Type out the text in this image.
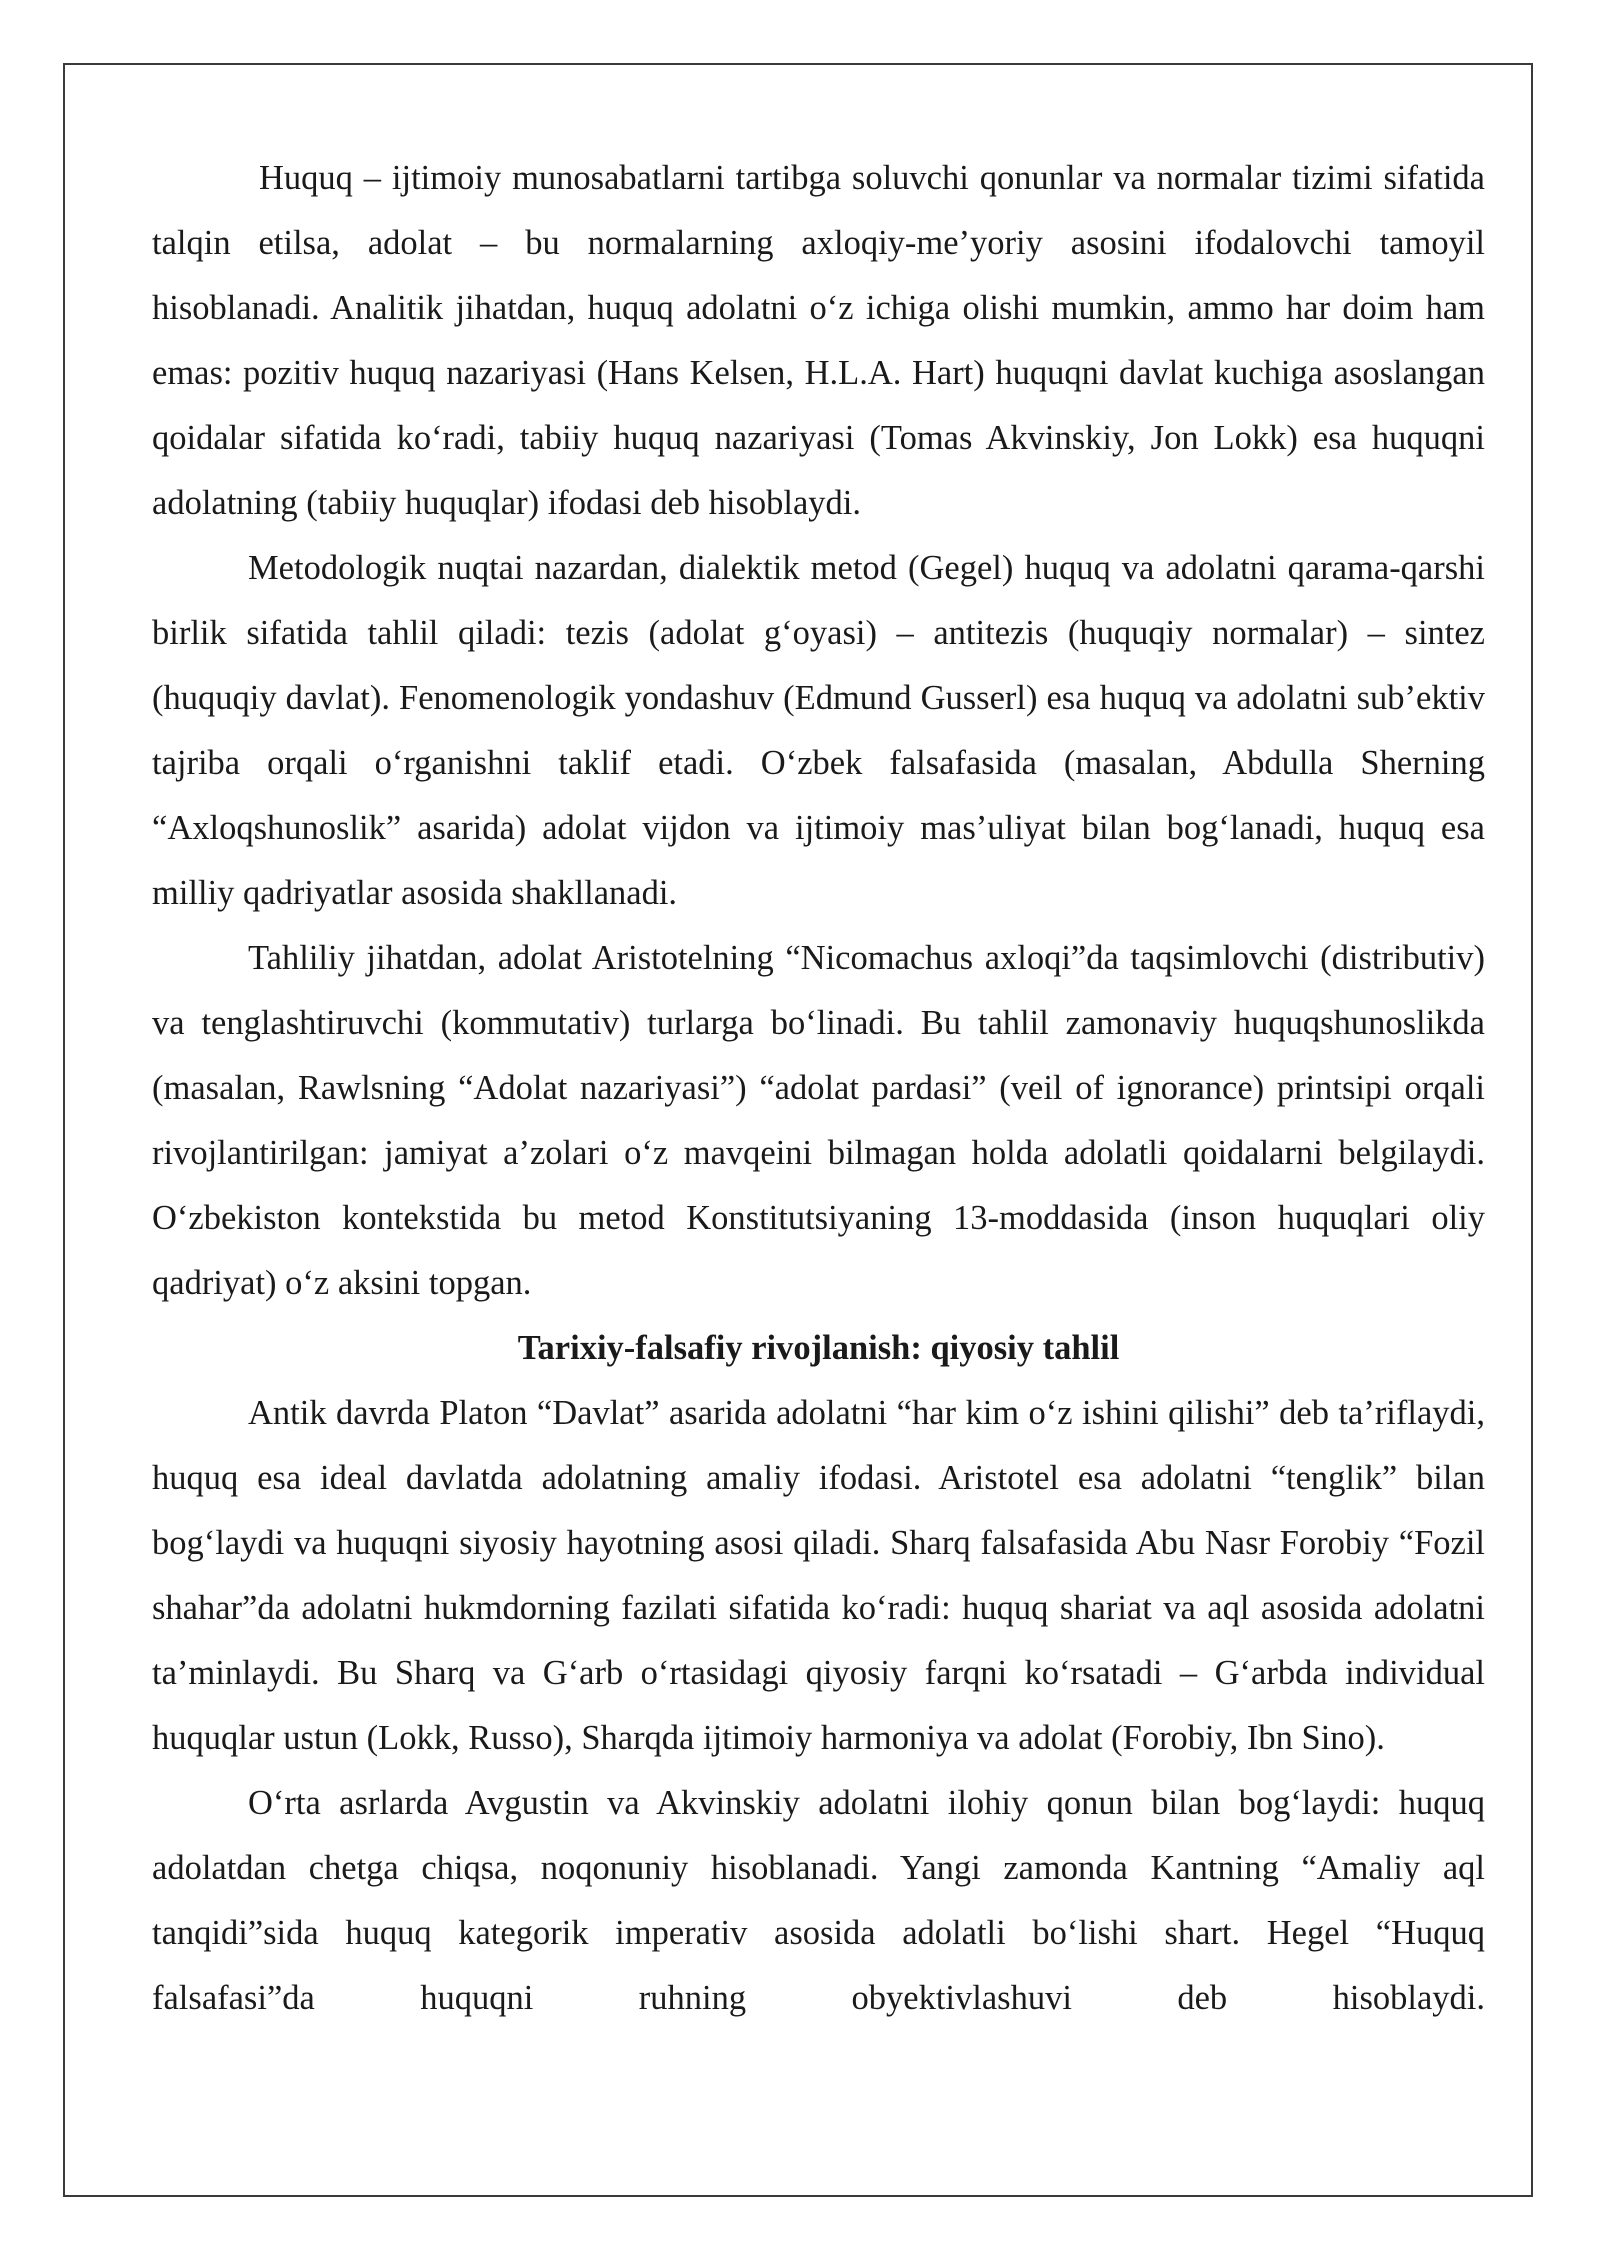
Huquq – ijtimoiy munosabatlarni tartibga soluvchi qonunlar va normalar tizimi sifatida talqin etilsa, adolat – bu normalarning axloqiy-me’yoriy asosini ifodalovchi tamoyil hisoblanadi. Analitik jihatdan, huquq adolatni o‘z ichiga olishi mumkin, ammo har doim ham emas: pozitiv huquq nazariyasi (Hans Kelsen, H.L.A. Hart) huquqni davlat kuchiga asoslangan qoidalar sifatida ko‘radi, tabiiy huquq nazariyasi (Tomas Akvinskiy, Jon Lokk) esa huquqni adolatning (tabiiy huquqlar) ifodasi deb hisoblaydi.

Metodologik nuqtai nazardan, dialektik metod (Gegel) huquq va adolatni qarama-qarshi birlik sifatida tahlil qiladi: tezis (adolat g‘oyasi) – antitezis (huquqiy normalar) – sintez (huquqiy davlat). Fenomenologik yondashuv (Edmund Gusserl) esa huquq va adolatni sub’ektiv tajriba orqali o‘rganishni taklif etadi. O‘zbek falsafasida (masalan, Abdulla Sherning “Axloqshunoslik” asarida) adolat vijdon va ijtimoiy mas’uliyat bilan bog‘lanadi, huquq esa milliy qadriyatlar asosida shakllanadi.

Tahliliy jihatdan, adolat Aristotelning “Nicomachus axloqi”da taqsimlovchi (distributiv) va tenglashtiruvchi (kommutativ) turlarga bo‘linadi. Bu tahlil zamonaviy huquqshunoslikda (masalan, Rawlsning “Adolat nazariyasi”) “adolat pardasi” (veil of ignorance) printsipi orqali rivojlantirilgan: jamiyat a’zolari o‘z mavqeini bilmagan holda adolatli qoidalarni belgilaydi. O‘zbekiston kontekstida bu metod Konstitutsiyaning 13-moddasida (inson huquqlari oliy qadriyat) o‘z aksini topgan.

Tarixiy-falsafiy rivojlanish: qiyosiy tahlil

Antik davrda Platon “Davlat” asarida adolatni “har kim o‘z ishini qilishi” deb ta’riflaydi, huquq esa ideal davlatda adolatning amaliy ifodasi. Aristotel esa adolatni “tenglik” bilan bog‘laydi va huquqni siyosiy hayotning asosi qiladi. Sharq falsafasida Abu Nasr Forobiy “Fozil shahar”da adolatni hukmdorning fazilati sifatida ko‘radi: huquq shariat va aql asosida adolatni ta’minlaydi. Bu Sharq va G‘arb o‘rtasidagi qiyosiy farqni ko‘rsatadi – G‘arbda individual huquqlar ustun (Lokk, Russo), Sharqda ijtimoiy harmoniya va adolat (Forobiy, Ibn Sino).

O‘rta asrlarda Avgustin va Akvinskiy adolatni ilohiy qonun bilan bog‘laydi: huquq adolatdan chetga chiqsa, noqonuniy hisoblanadi. Yangi zamonda Kantning “Amaliy aql tanqidi”sida huquq kategorik imperativ asosida adolatli bo‘lishi shart. Hegel “Huquq falsafasi”da huquqni ruhning obyektivlashuvi deb hisoblaydi.
